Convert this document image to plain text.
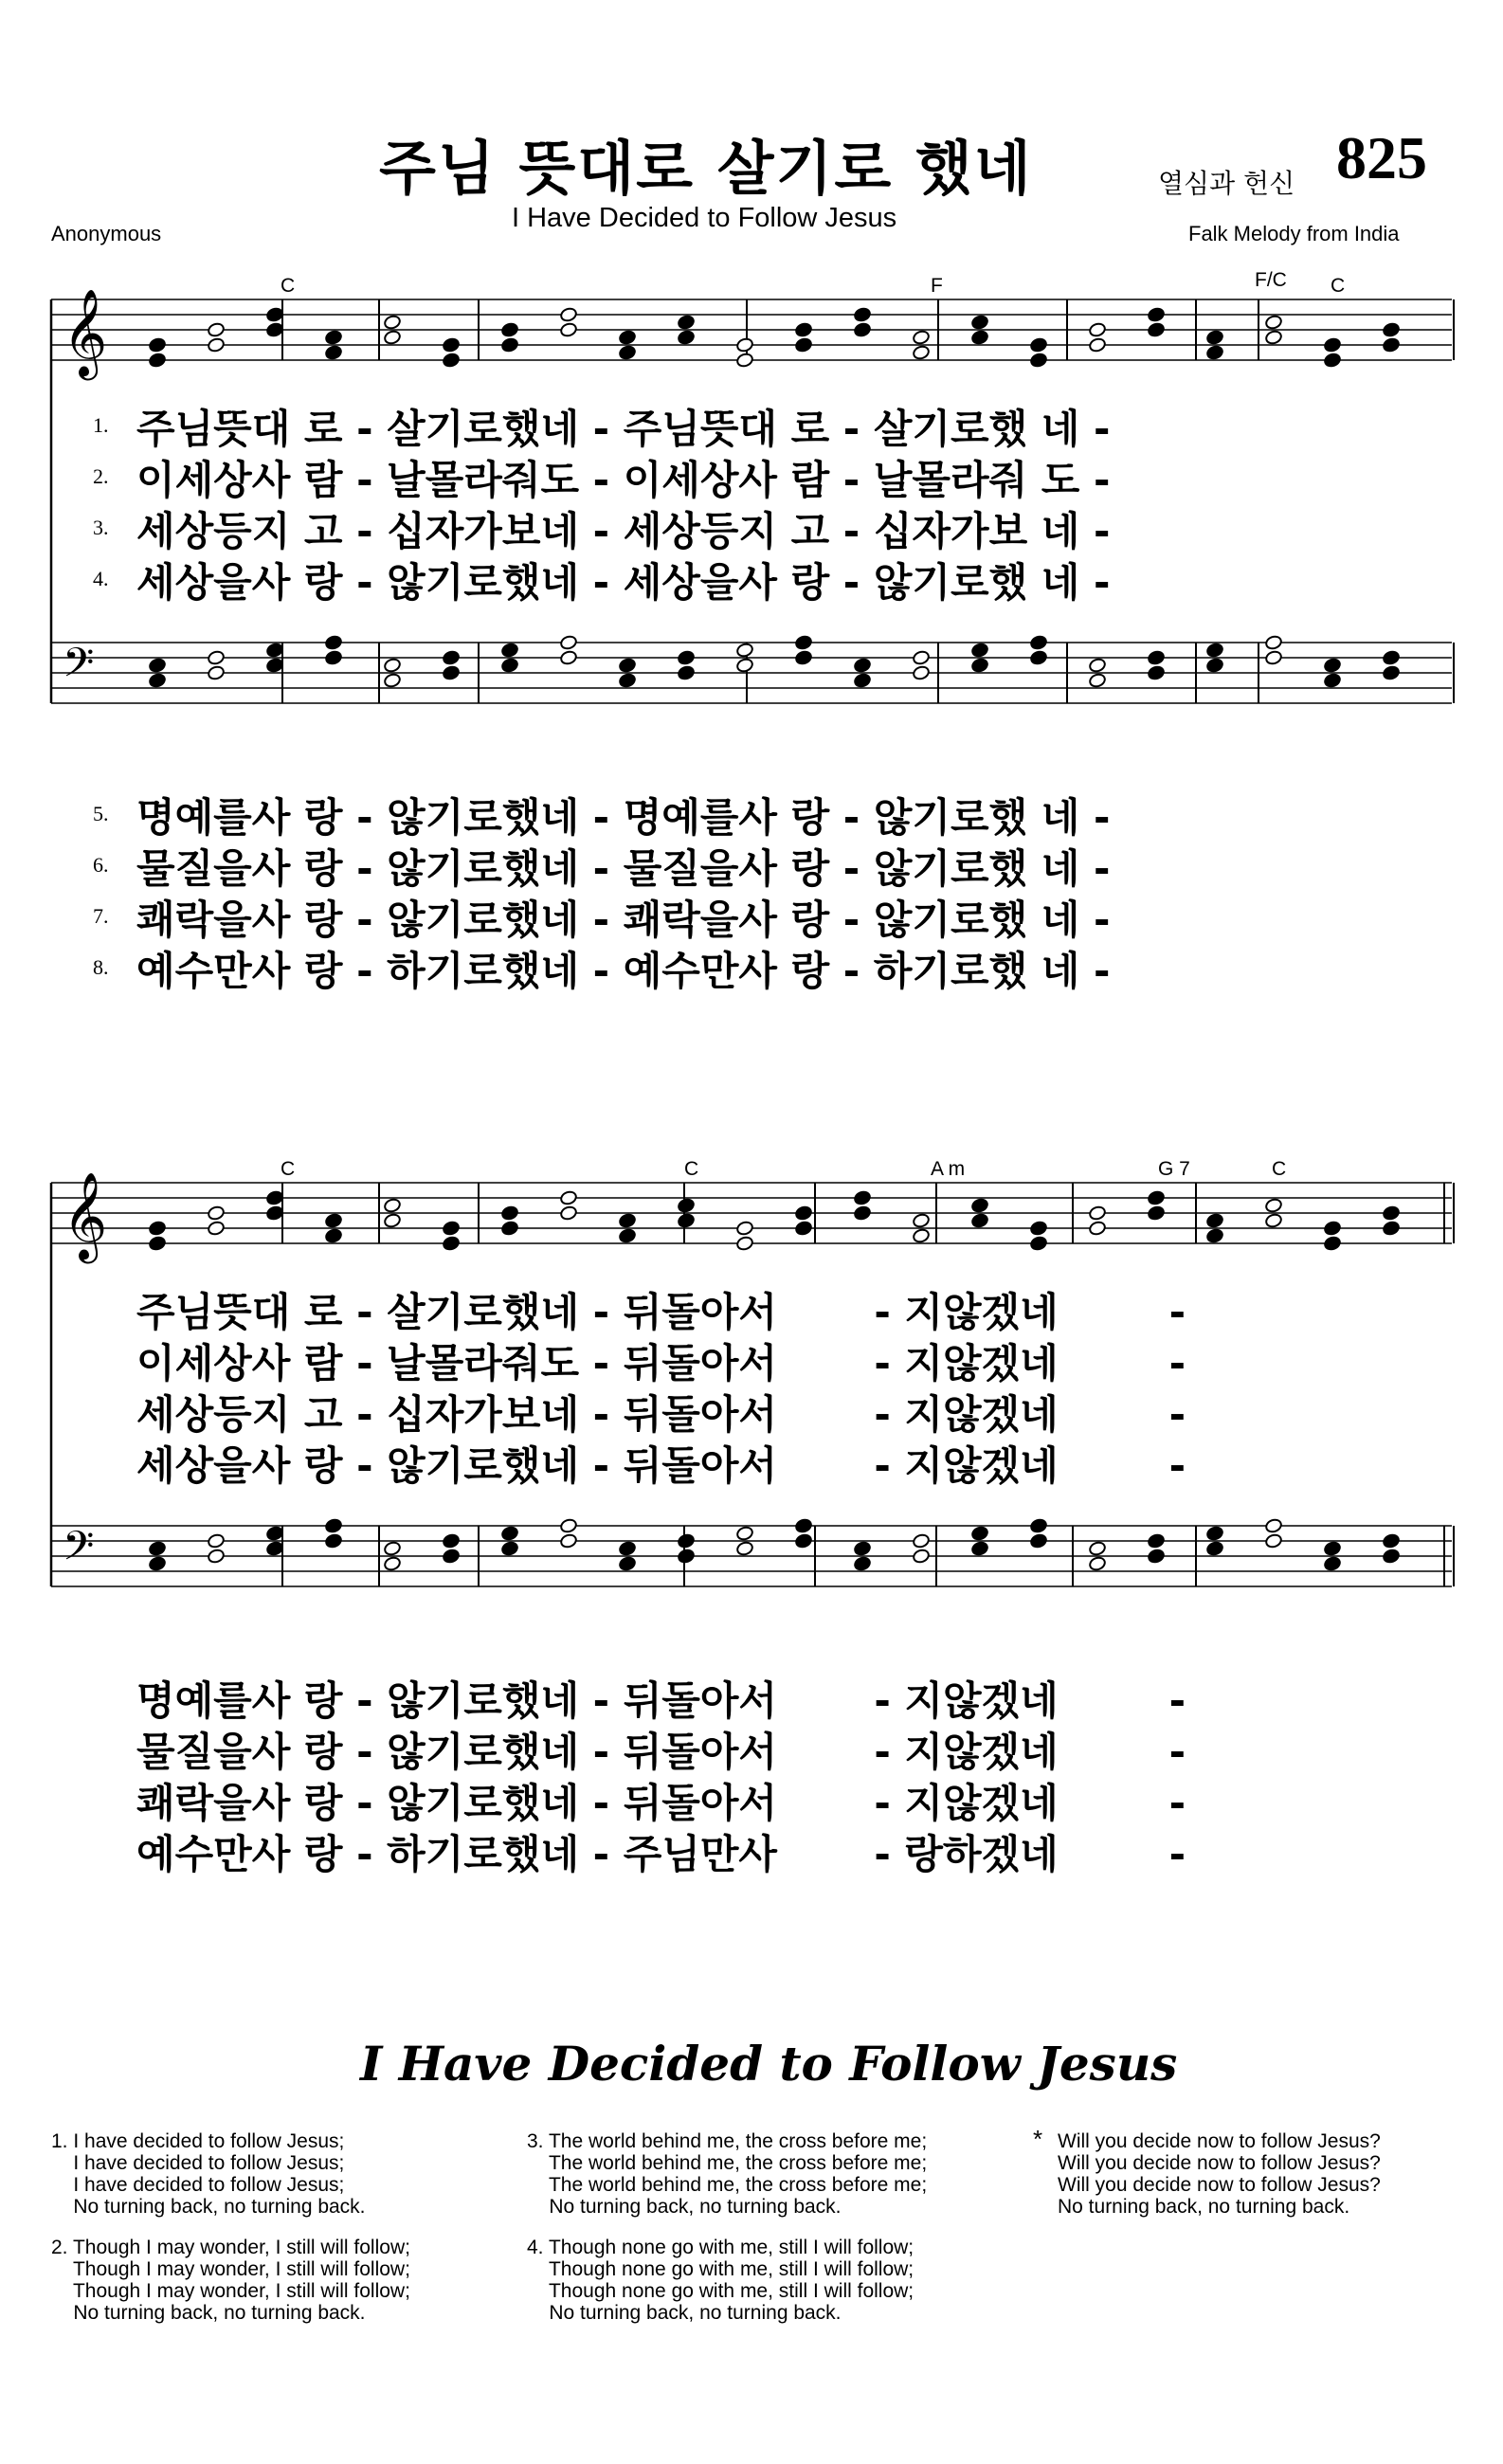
주님 뜻대로 살기로 했네
I Have Decided to Follow Jesus
열심과 헌신 825
Anonymous	Falk Melody from India
C	F	F/C C
C	C	A m	G 7	C
𝄞
𝄞
𝄢
𝄢
1. 주님뜻대 로 - 살기로했네 - 주님뜻대 로 - 살기로했 네 -
2. 이세상사 람 - 날몰라줘도 - 이세상사 람 - 날몰라줘 도 -
3. 세상등지 고 - 십자가보네 - 세상등지 고 - 십자가보 네 -
4. 세상을사 랑 - 않기로했네 - 세상을사 랑 - 않기로했 네 -
5. 명예를사 랑 - 않기로했네 - 명예를사 랑 - 않기로했 네 -
6. 물질을사 랑 - 않기로했네 - 물질을사 랑 - 않기로했 네 -
7. 쾌락을사 랑 - 않기로했네 - 쾌락을사 랑 - 않기로했 네 -
8. 예수만사 랑 - 하기로했네 - 예수만사 랑 - 하기로했 네 -
주님뜻대 로 - 살기로했네 - 뒤돌아서       - 지않겠네        -
이세상사 람 - 날몰라줘도 - 뒤돌아서       - 지않겠네        -
세상등지 고 - 십자가보네 - 뒤돌아서       - 지않겠네        -
세상을사 랑 - 않기로했네 - 뒤돌아서       - 지않겠네        -
명예를사 랑 - 않기로했네 - 뒤돌아서       - 지않겠네        -
물질을사 랑 - 않기로했네 - 뒤돌아서       - 지않겠네        -
쾌락을사 랑 - 않기로했네 - 뒤돌아서       - 지않겠네        -
예수만사 랑 - 하기로했네 - 주님만사       - 랑하겠네        -
I Have Decided to Follow Jesus
1. I have decided to follow Jesus;
I have decided to follow Jesus;
I have decided to follow Jesus;
No turning back, no turning back.
2. Though I may wonder, I still will follow;
Though I may wonder, I still will follow;
Though I may wonder, I still will follow;
No turning back, no turning back.
3. The world behind me, the cross before me;
The world behind me, the cross before me;
The world behind me, the cross before me;
No turning back, no turning back.
4. Though none go with me, still I will follow;
Though none go with me, still I will follow;
Though none go with me, still I will follow;
No turning back, no turning back.
* Will you decide now to follow Jesus?
Will you decide now to follow Jesus?
Will you decide now to follow Jesus?
No turning back, no turning back.
